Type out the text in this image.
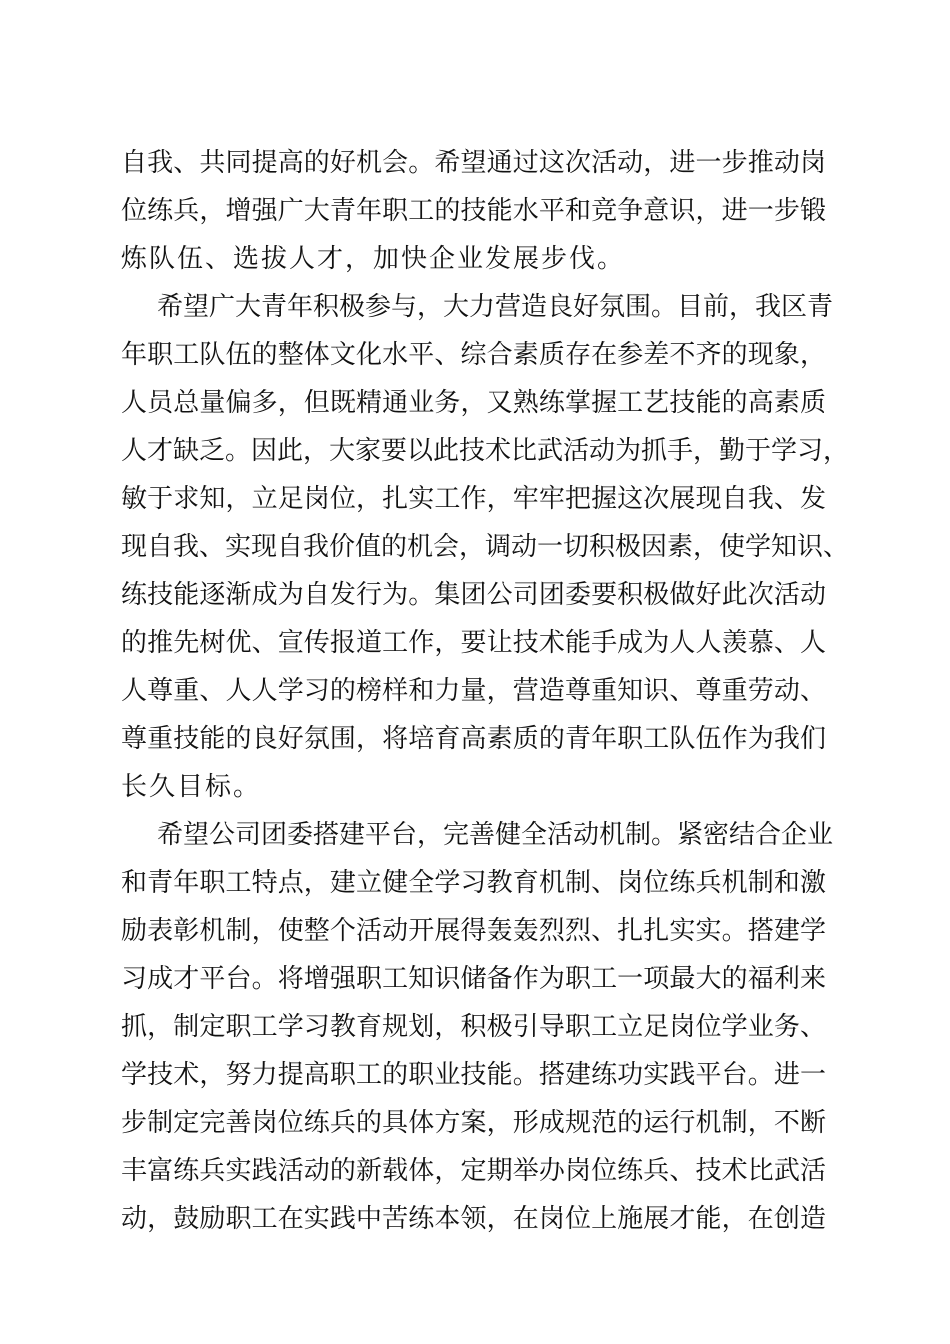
自我、共同提高的好机会。希望通过这次活动，进一步推动岗
位练兵，增强广大青年职工的技能水平和竞争意识，进一步锻
炼队伍、选拔人才，加快企业发展步伐。
希望广大青年积极参与，大力营造良好氛围。目前，我区青
年职工队伍的整体文化水平、综合素质存在参差不齐的现象，
人员总量偏多，但既精通业务，又熟练掌握工艺技能的高素质
人才缺乏。因此，大家要以此技术比武活动为抓手，勤于学习，
敏于求知，立足岗位，扎实工作，牢牢把握这次展现自我、发
现自我、实现自我价值的机会，调动一切积极因素，使学知识、
练技能逐渐成为自发行为。集团公司团委要积极做好此次活动
的推先树优、宣传报道工作，要让技术能手成为人人羡慕、人
人尊重、人人学习的榜样和力量，营造尊重知识、尊重劳动、
尊重技能的良好氛围，将培育高素质的青年职工队伍作为我们
长久目标。
希望公司团委搭建平台，完善健全活动机制。紧密结合企业
和青年职工特点，建立健全学习教育机制、岗位练兵机制和激
励表彰机制，使整个活动开展得轰轰烈烈、扎扎实实。搭建学
习成才平台。将增强职工知识储备作为职工一项最大的福利来
抓，制定职工学习教育规划，积极引导职工立足岗位学业务、
学技术，努力提高职工的职业技能。搭建练功实践平台。进一
步制定完善岗位练兵的具体方案，形成规范的运行机制，不断
丰富练兵实践活动的新载体，定期举办岗位练兵、技术比武活
动，鼓励职工在实践中苦练本领，在岗位上施展才能，在创造
